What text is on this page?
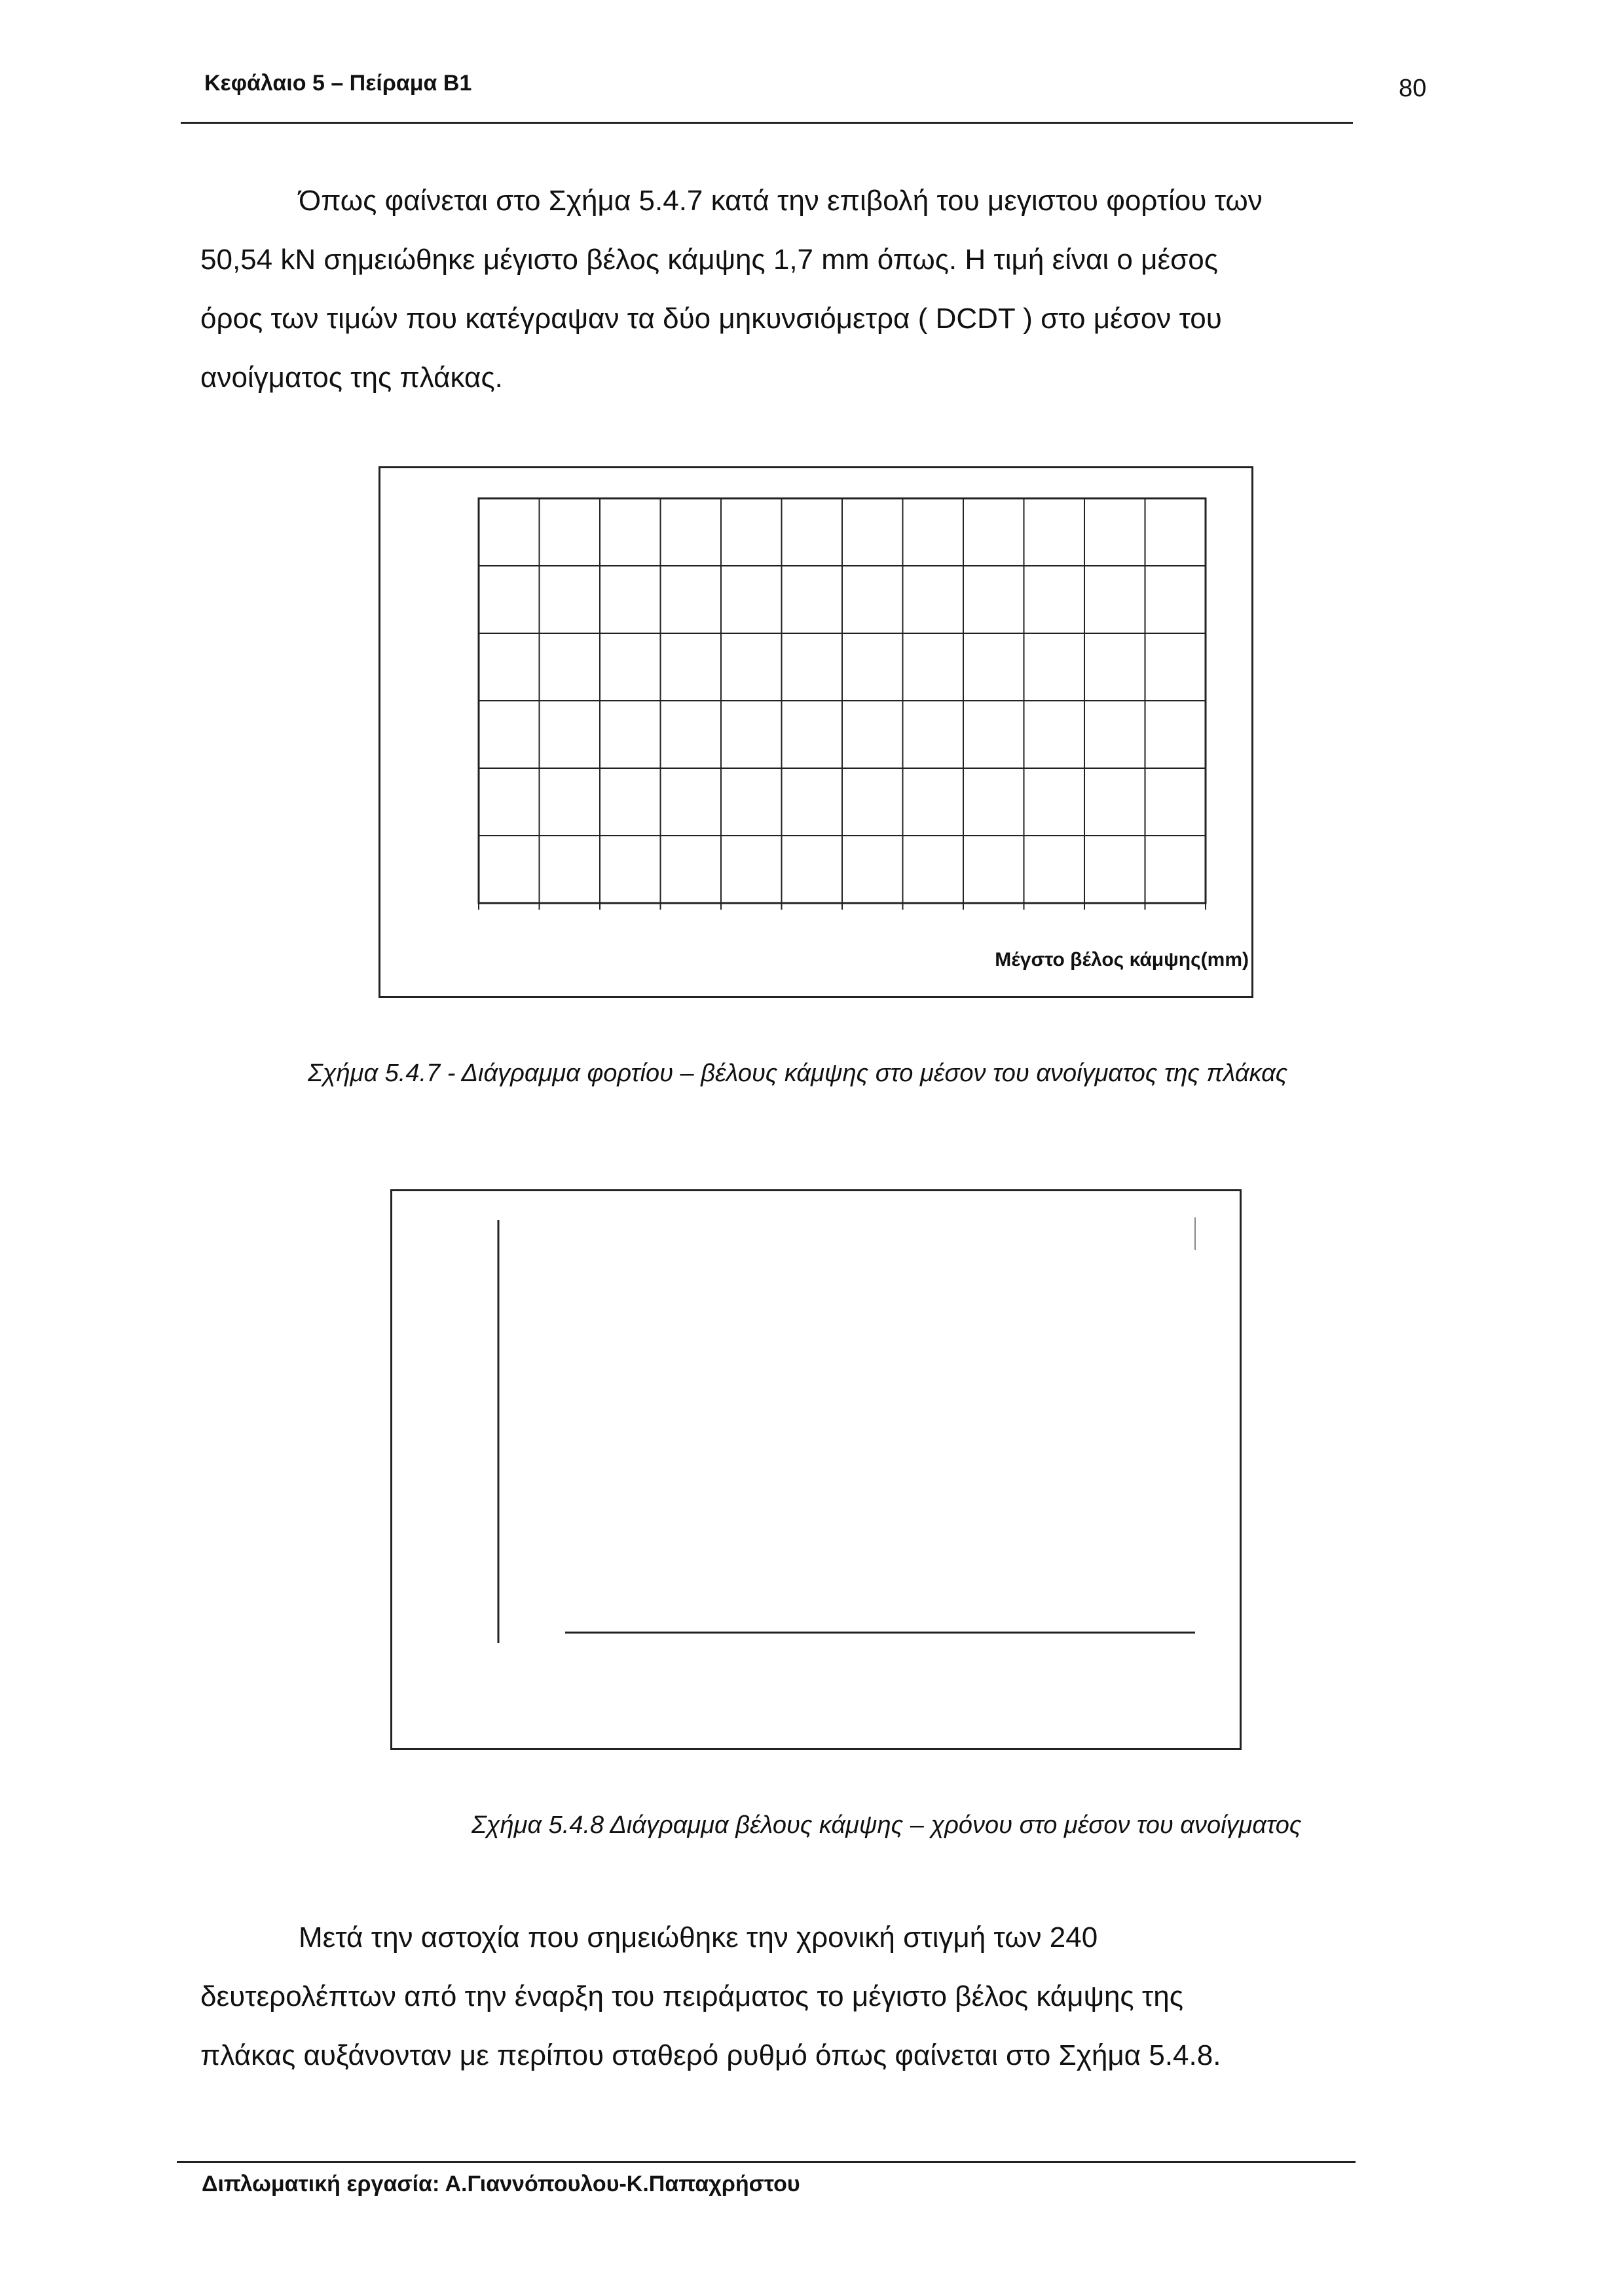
Κεφάλαιο 5 – Πείραμα Β1	80

Όπως φαίνεται στο Σχήμα 5.4.7 κατά την επιβολή του μεγιστου φορτίου των

50,54 kN σημειώθηκε μέγιστο βέλος κάμψης 1,7 mm όπως. Η τιμή είναι ο μέσος

όρος των τιμών που κατέγραψαν τα δύο μηκυνσιόμετρα ( DCDT ) στο μέσον του

ανοίγματος της πλάκας.

Μέγστο βέλος κάμψης(mm)
Σχήμα 5.4.7 - Διάγραμμα φορτίου – βέλους κάμψης στο μέσον του ανοίγματος της πλάκας
Σχήμα 5.4.8 Διάγραμμα βέλους κάμψης – χρόνου στο μέσον του ανοίγματος

Μετά την αστοχία που σημειώθηκε την χρονική στιγμή των 240

δευτερολέπτων από την έναρξη του πειράματος το μέγιστο βέλος κάμψης της

πλάκας αυξάνονταν με περίπου σταθερό ρυθμό όπως φαίνεται στο Σχήμα 5.4.8.

Διπλωματική εργασία: Α.Γιαννόπουλου-Κ.Παπαχρήστου
